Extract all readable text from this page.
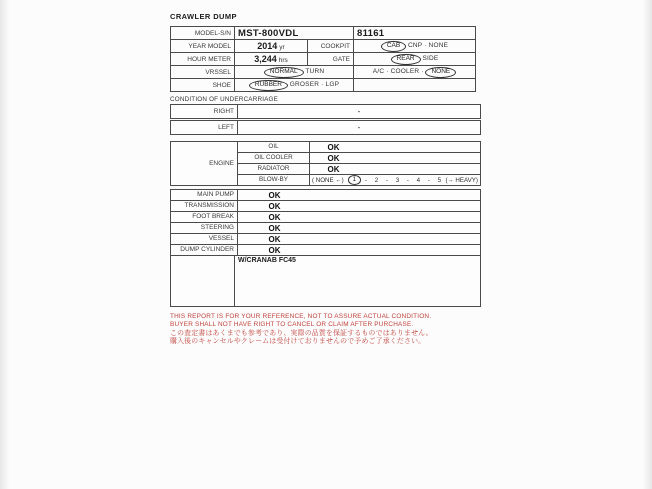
CRAWLER DUMP
MODEL-S/N	MST-800VDL		81161
YEAR MODEL	2014 yr	COOKPIT	CAB CNP · NONE
HOUR METER	3,244 hrs	GATE	REAR SIDE
VRSSEL	NORMAL TURN		A/C · COOLER · NONE
SHOE	RUBBER GROSER · LGP		
CONDITION OF UNDERCARRIAGE
RIGHT	-
LEFT	-
ENGINE
OIL	OK
OIL COOLER	OK
RADIATOR	OK
BLOW-BY	( NONE ←)	1	- 2 - 3 - 4 - 5 (→ HEAVY)
MAIN PUMP	OK
TRANSMISSION	OK
FOOT BREAK	OK
STEERING	OK
VESSEL	OK
DUMP CYLINDER	OK
W/CRANAB FC45
THIS REPORT IS FOR YOUR REFERENCE, NOT TO ASSURE ACTUAL CONDITION.
BUYER SHALL NOT HAVE RIGHT TO CANCEL OR CLAIM AFTER PURCHASE.
この査定書はあくまでも参考であり、実際の品質を保証するものではありません。
購入後のキャンセルやクレームは受付けておりませんので予めご了承ください。
